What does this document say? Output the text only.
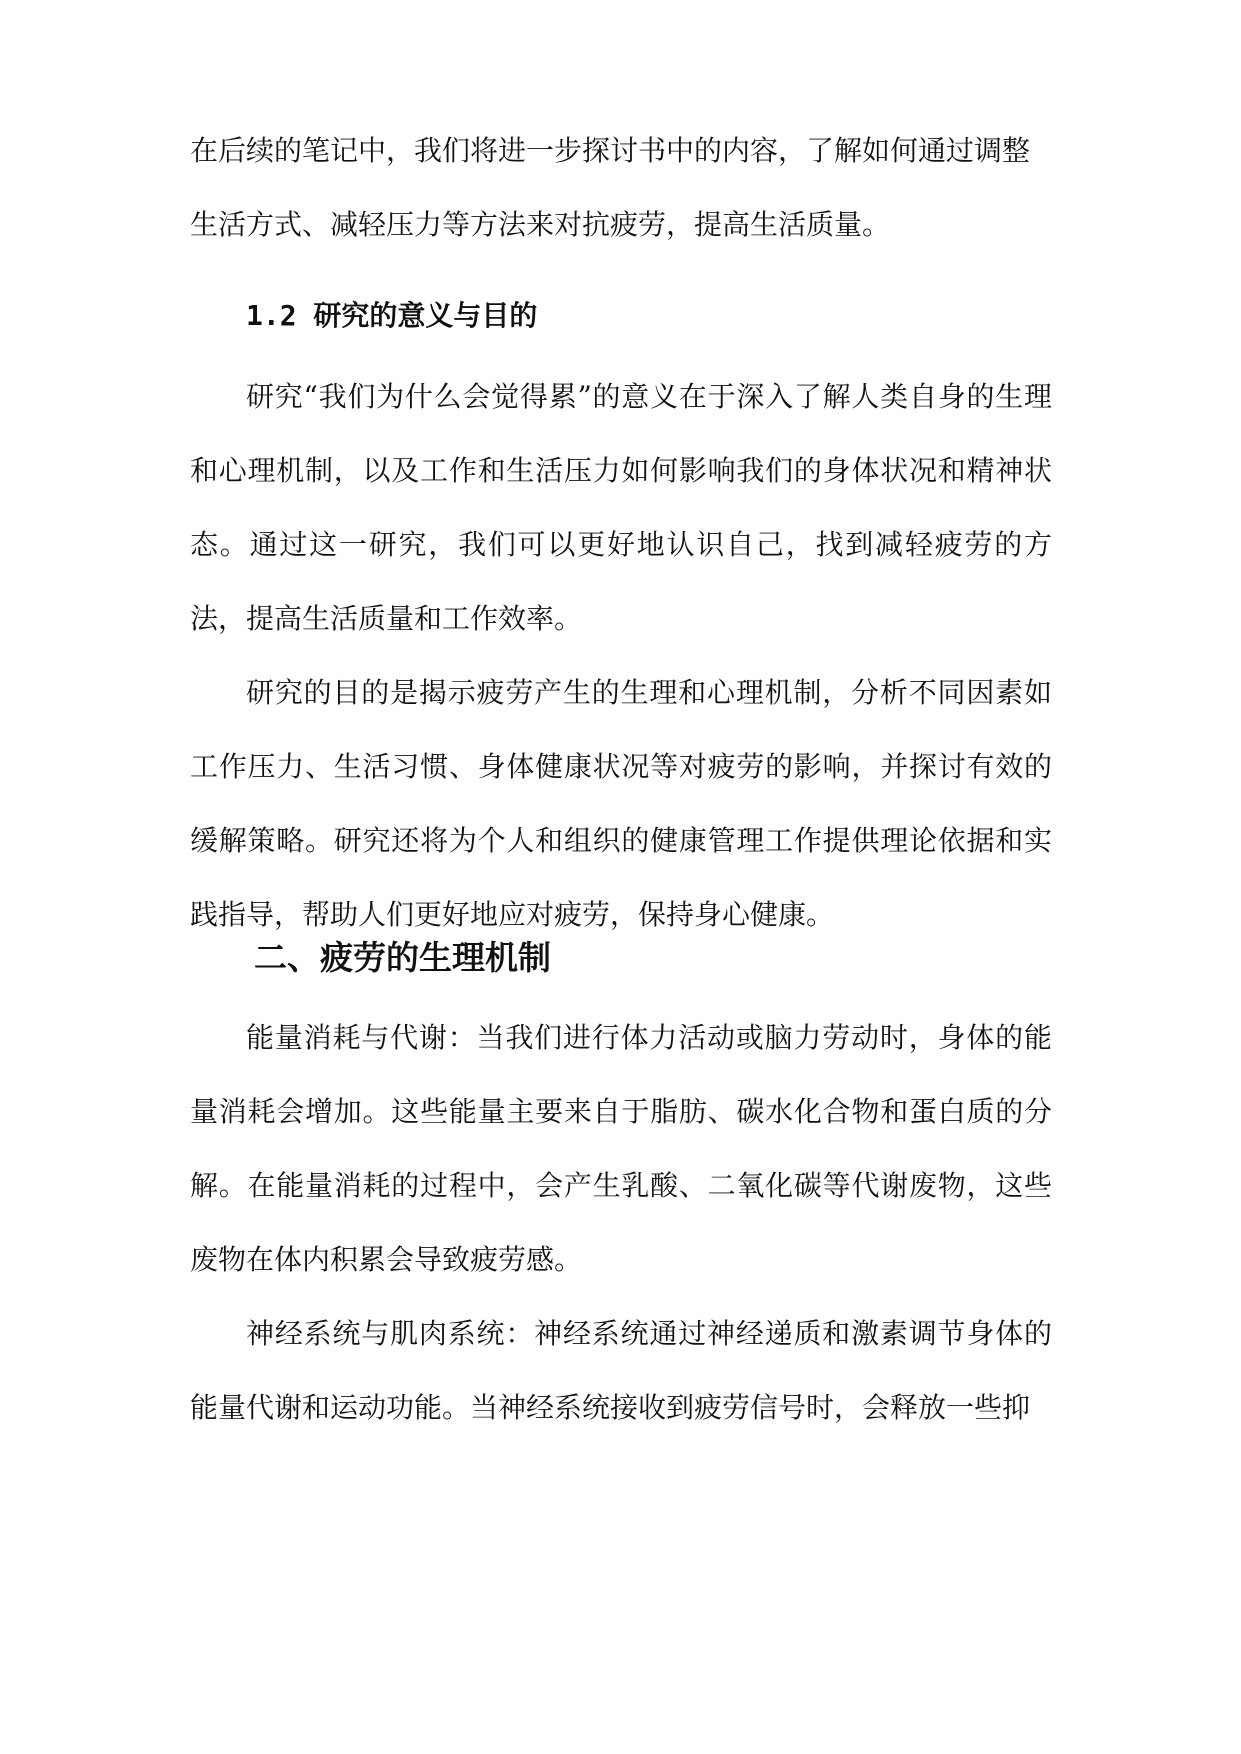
在后续的笔记中，我们将进一步探讨书中的内容，了解如何通过调整
生活方式、减轻压力等方法来对抗疲劳，提高生活质量。
1.2 研究的意义与目的

研究“我们为什么会觉得累”的意义在于深入了解人类自身的生理和心理机制，以及工作和生活压力如何影响我们的身体状况和精神状态。通过这一研究，我们可以更好地认识自己，找到减轻疲劳的方法，提高生活质量和工作效率。

研究的目的是揭示疲劳产生的生理和心理机制，分析不同因素如工作压力、生活习惯、身体健康状况等对疲劳的影响，并探讨有效的缓解策略。研究还将为个人和组织的健康管理工作提供理论依据和实践指导，帮助人们更好地应对疲劳，保持身心健康。

二、疲劳的生理机制

能量消耗与代谢：当我们进行体力活动或脑力劳动时，身体的能量消耗会增加。这些能量主要来自于脂肪、碳水化合物和蛋白质的分解。在能量消耗的过程中，会产生乳酸、二氧化碳等代谢废物，这些废物在体内积累会导致疲劳感。

神经系统与肌肉系统：神经系统通过神经递质和激素调节身体的能量代谢和运动功能。当神经系统接收到疲劳信号时，会释放一些抑
